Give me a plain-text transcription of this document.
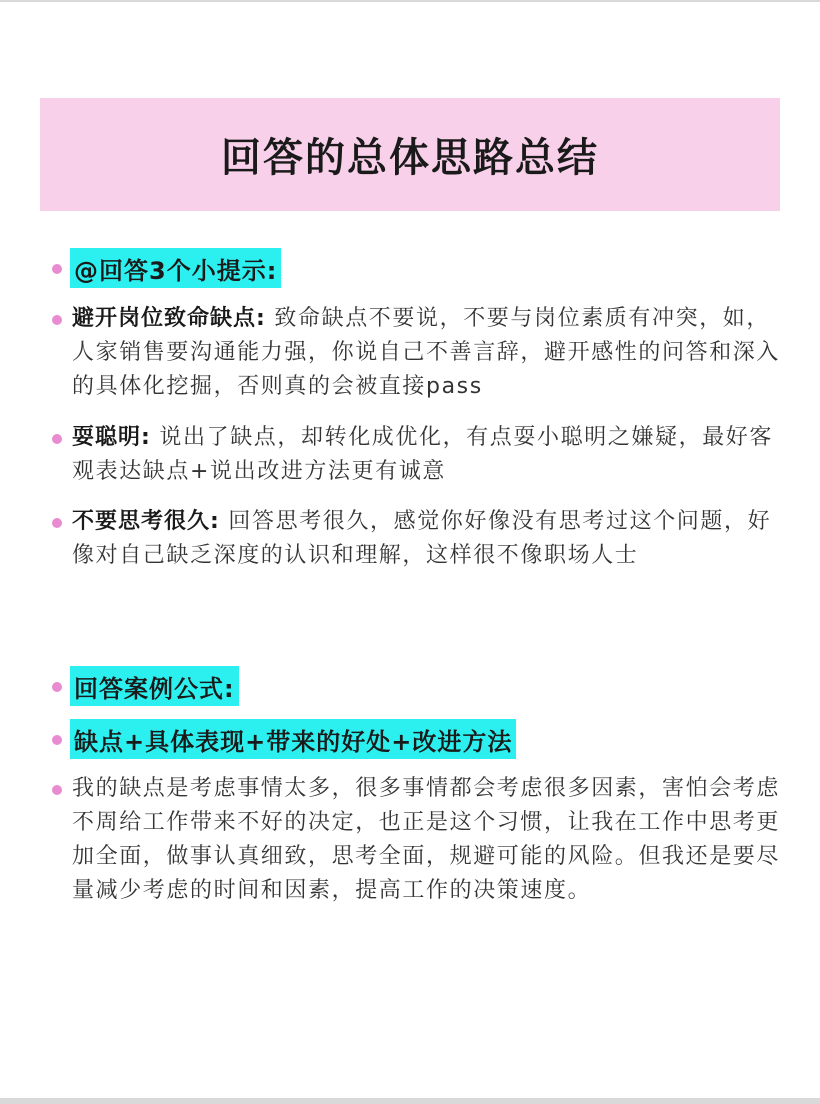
回答的总体思路总结
@回答3个小提示:

避开岗位致命缺点: 致命缺点不要说，不要与岗位素质有冲突，如，人家销售要沟通能力强，你说自己不善言辞，避开感性的问答和深入的具体化挖掘，否则真的会被直接pass

耍聪明: 说出了缺点，却转化成优化，有点耍小聪明之嫌疑，最好客观表达缺点+说出改进方法更有诚意

不要思考很久: 回答思考很久，感觉你好像没有思考过这个问题，好像对自己缺乏深度的认识和理解，这样很不像职场人士

回答案例公式:
缺点+具体表现+带来的好处+改进方法

我的缺点是考虑事情太多，很多事情都会考虑很多因素，害怕会考虑不周给工作带来不好的决定，也正是这个习惯，让我在工作中思考更加全面，做事认真细致，思考全面，规避可能的风险。但我还是要尽量减少考虑的时间和因素，提高工作的决策速度。
